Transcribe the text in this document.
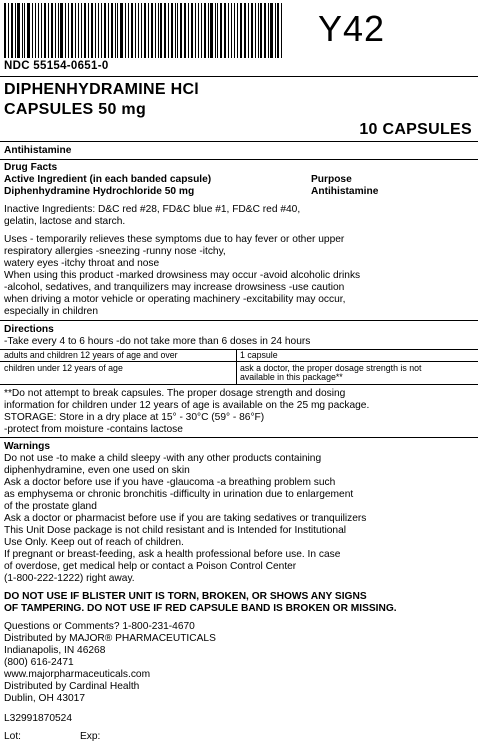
Y42
NDC 55154-0651-0
DIPHENHYDRAMINE HCl
CAPSULES 50 mg
10 CAPSULES
Antihistamine
Drug Facts
Active Ingredient (in each banded capsule)	Purpose
Diphenhydramine Hydrochloride 50 mg	Antihistamine
Inactive Ingredients: D&C red #28, FD&C blue #1, FD&C red #40,
gelatin, lactose and starch.
Uses - temporarily relieves these symptoms due to hay fever or other upper
respiratory allergies -sneezing -runny nose -itchy,
watery eyes -itchy throat and nose
When using this product -marked drowsiness may occur -avoid alcoholic drinks
-alcohol, sedatives, and tranquilizers may increase drowsiness -use caution
when driving a motor vehicle or operating machinery -excitability may occur,
especially in children
Directions
-Take every 4 to 6 hours -do not take more than 6 doses in 24 hours
adults and children 12 years of age and over	1 capsule
children under 12 years of age	ask a doctor, the proper dosage strength is not
available in this package**
**Do not attempt to break capsules. The proper dosage strength and dosing
information for children under 12 years of age is available on the 25 mg package.
STORAGE: Store in a dry place at 15° - 30°C (59° - 86°F)
-protect from moisture -contains lactose
Warnings
Do not use -to make a child sleepy -with any other products containing
diphenhydramine, even one used on skin
Ask a doctor before use if you have -glaucoma -a breathing problem such
as emphysema or chronic bronchitis -difficulty in urination due to enlargement
of the prostate gland
Ask a doctor or pharmacist before use if you are taking sedatives or tranquilizers
This Unit Dose package is not child resistant and is Intended for Institutional
Use Only. Keep out of reach of children.
If pregnant or breast-feeding, ask a health professional before use. In case
of overdose, get medical help or contact a Poison Control Center
(1-800-222-1222) right away.
DO NOT USE IF BLISTER UNIT IS TORN, BROKEN, OR SHOWS ANY SIGNS
OF TAMPERING. DO NOT USE IF RED CAPSULE BAND IS BROKEN OR MISSING.
Questions or Comments? 1-800-231-4670
Distributed by MAJOR® PHARMACEUTICALS
Indianapolis, IN 46268
(800) 616-2471
www.majorpharmaceuticals.com
Distributed by Cardinal Health
Dublin, OH 43017
L32991870524
Lot:	Exp:
